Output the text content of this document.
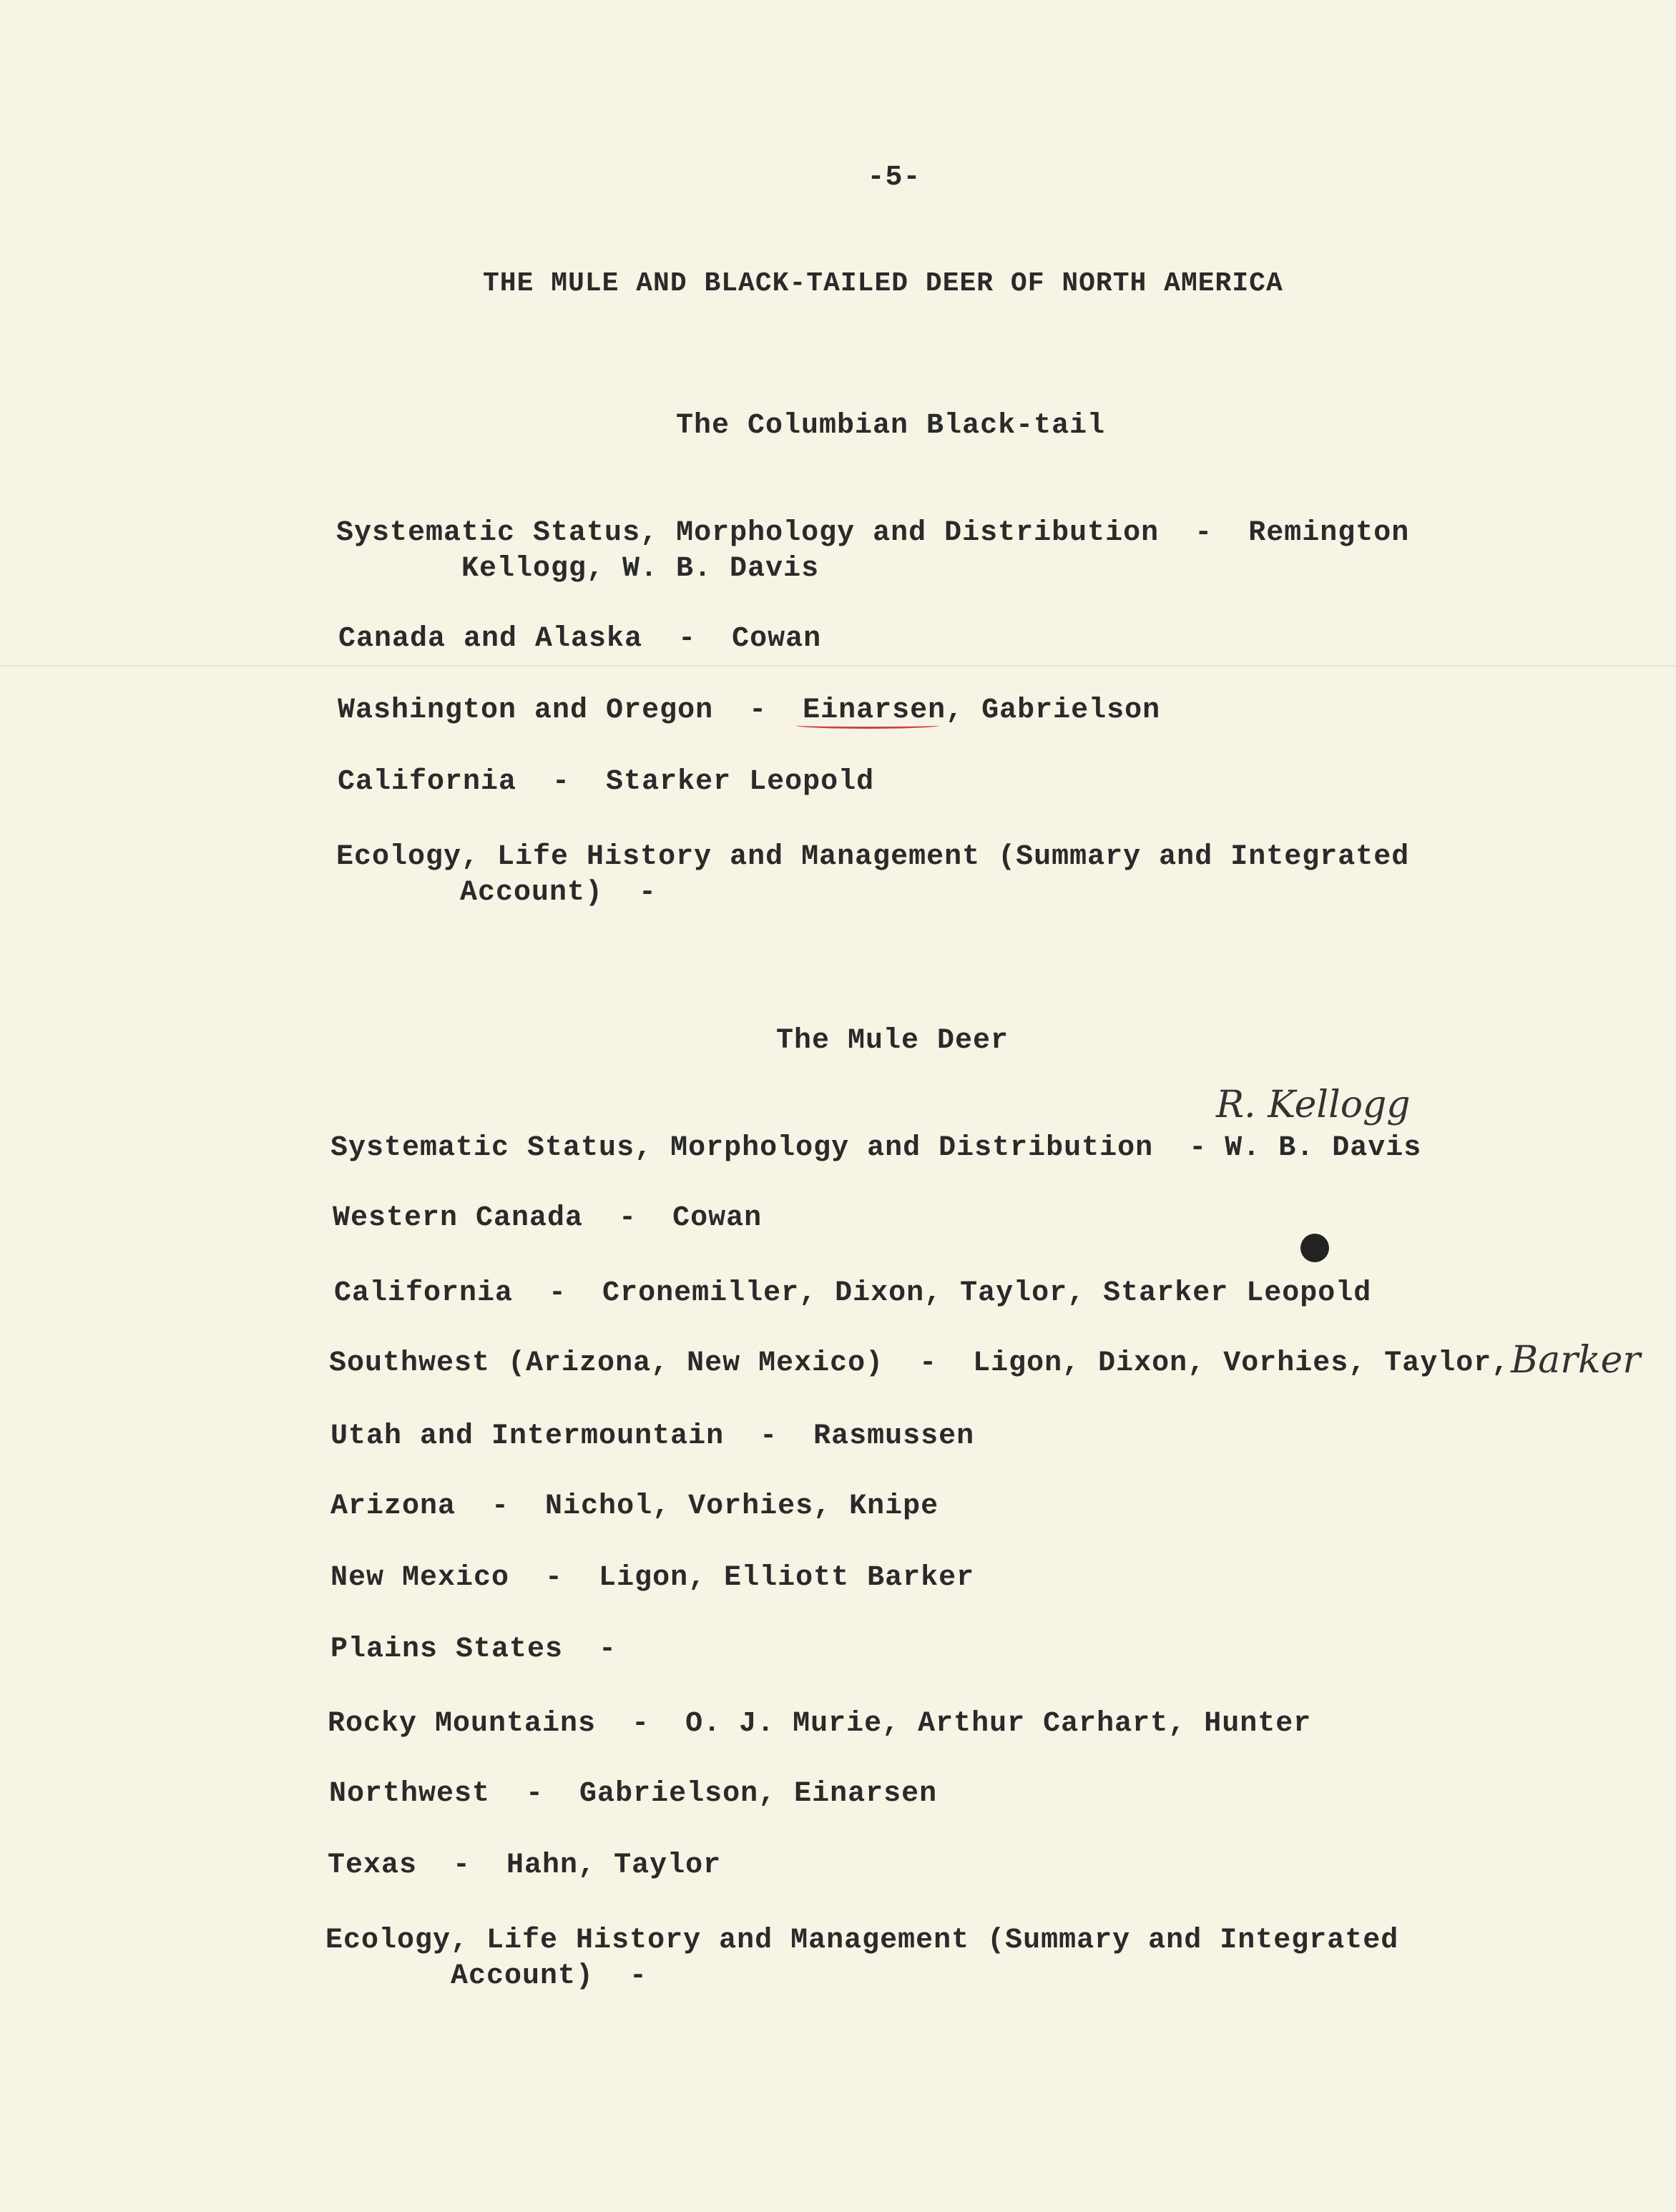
-5-
THE MULE AND BLACK-TAILED DEER OF NORTH AMERICA
The Columbian Black-tail
Systematic Status, Morphology and Distribution  -  Remington
Kellogg, W. B. Davis
Canada and Alaska  -  Cowan
Washington and Oregon  -  Einarsen, Gabrielson
California  -  Starker Leopold
Ecology, Life History and Management (Summary and Integrated
Account)  -
The Mule Deer
R. Kellogg
Systematic Status, Morphology and Distribution  - W. B. Davis
Western Canada  -  Cowan
California  -  Cronemiller, Dixon, Taylor, Starker Leopold
Southwest (Arizona, New Mexico)  -  Ligon, Dixon, Vorhies, Taylor, Barker
Utah and Intermountain  -  Rasmussen
Arizona  -  Nichol, Vorhies, Knipe
New Mexico  -  Ligon, Elliott Barker
Plains States  -
Rocky Mountains  -  O. J. Murie, Arthur Carhart, Hunter
Northwest  -  Gabrielson, Einarsen
Texas  -  Hahn, Taylor
Ecology, Life History and Management (Summary and Integrated
Account)  -
